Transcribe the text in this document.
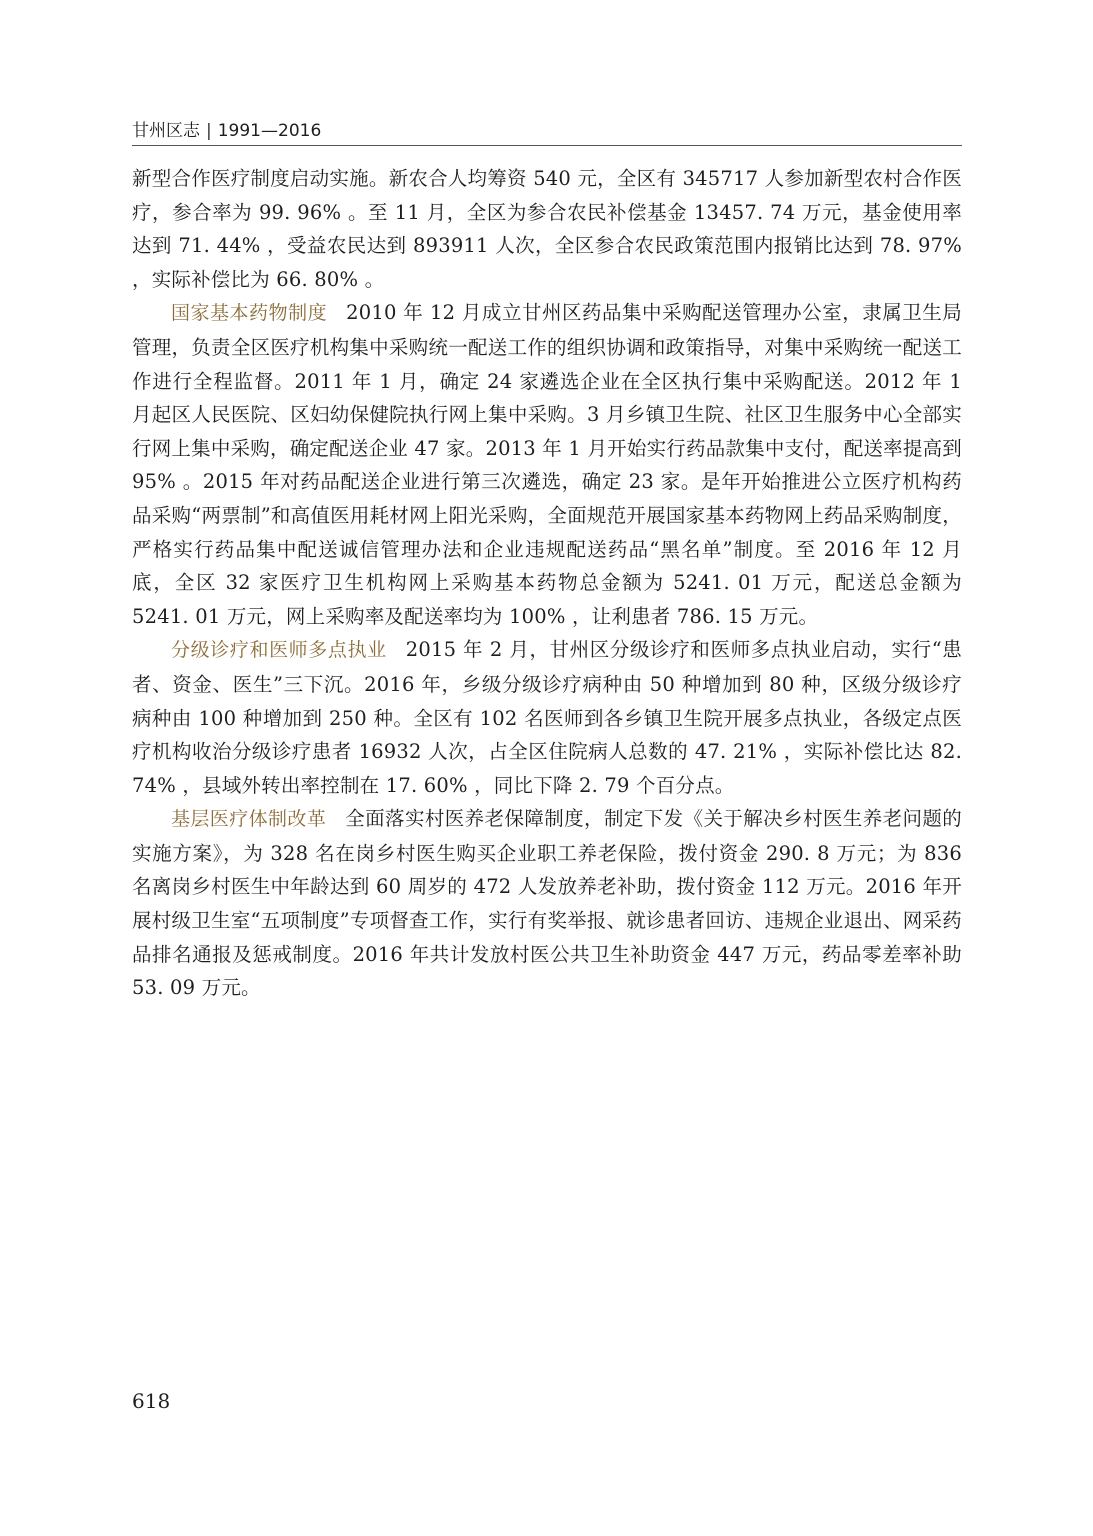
甘州区志 | 1991—2016

新型合作医疗制度启动实施。新农合人均筹资 540 元，全区有 345717 人参加新型农村合作医疗，参合率为 99. 96% 。至 11 月，全区为参合农民补偿基金 13457. 74 万元，基金使用率达到 71. 44% ，受益农民达到 893911 人次，全区参合农民政策范围内报销比达到 78. 97% ，实际补偿比为 66. 80% 。

国家基本药物制度 2010 年 12 月成立甘州区药品集中采购配送管理办公室，隶属卫生局管理，负责全区医疗机构集中采购统一配送工作的组织协调和政策指导，对集中采购统一配送工作进行全程监督。2011 年 1 月，确定 24 家遴选企业在全区执行集中采购配送。2012 年 1 月起区人民医院、区妇幼保健院执行网上集中采购。3 月乡镇卫生院、社区卫生服务中心全部实行网上集中采购，确定配送企业 47 家。2013 年 1 月开始实行药品款集中支付，配送率提高到 95% 。2015 年对药品配送企业进行第三次遴选，确定 23 家。是年开始推进公立医疗机构药品采购“两票制”和高值医用耗材网上阳光采购，全面规范开展国家基本药物网上药品采购制度，严格实行药品集中配送诚信管理办法和企业违规配送药品“黑名单”制度。至 2016 年 12 月底，全区 32 家医疗卫生机构网上采购基本药物总金额为 5241. 01 万元，配送总金额为 5241. 01 万元，网上采购率及配送率均为 100% ，让利患者 786. 15 万元。

分级诊疗和医师多点执业 2015 年 2 月，甘州区分级诊疗和医师多点执业启动，实行“患者、资金、医生”三下沉。2016 年，乡级分级诊疗病种由 50 种增加到 80 种，区级分级诊疗病种由 100 种增加到 250 种。全区有 102 名医师到各乡镇卫生院开展多点执业，各级定点医疗机构收治分级诊疗患者 16932 人次，占全区住院病人总数的 47. 21% ，实际补偿比达 82. 74% ，县域外转出率控制在 17. 60% ，同比下降 2. 79 个百分点。

基层医疗体制改革 全面落实村医养老保障制度，制定下发《关于解决乡村医生养老问题的实施方案》，为 328 名在岗乡村医生购买企业职工养老保险，拨付资金 290. 8 万元；为 836 名离岗乡村医生中年龄达到 60 周岁的 472 人发放养老补助，拨付资金 112 万元。2016 年开展村级卫生室“五项制度”专项督查工作，实行有奖举报、就诊患者回访、违规企业退出、网采药品排名通报及惩戒制度。2016 年共计发放村医公共卫生补助资金 447 万元，药品零差率补助 53. 09 万元。

618
